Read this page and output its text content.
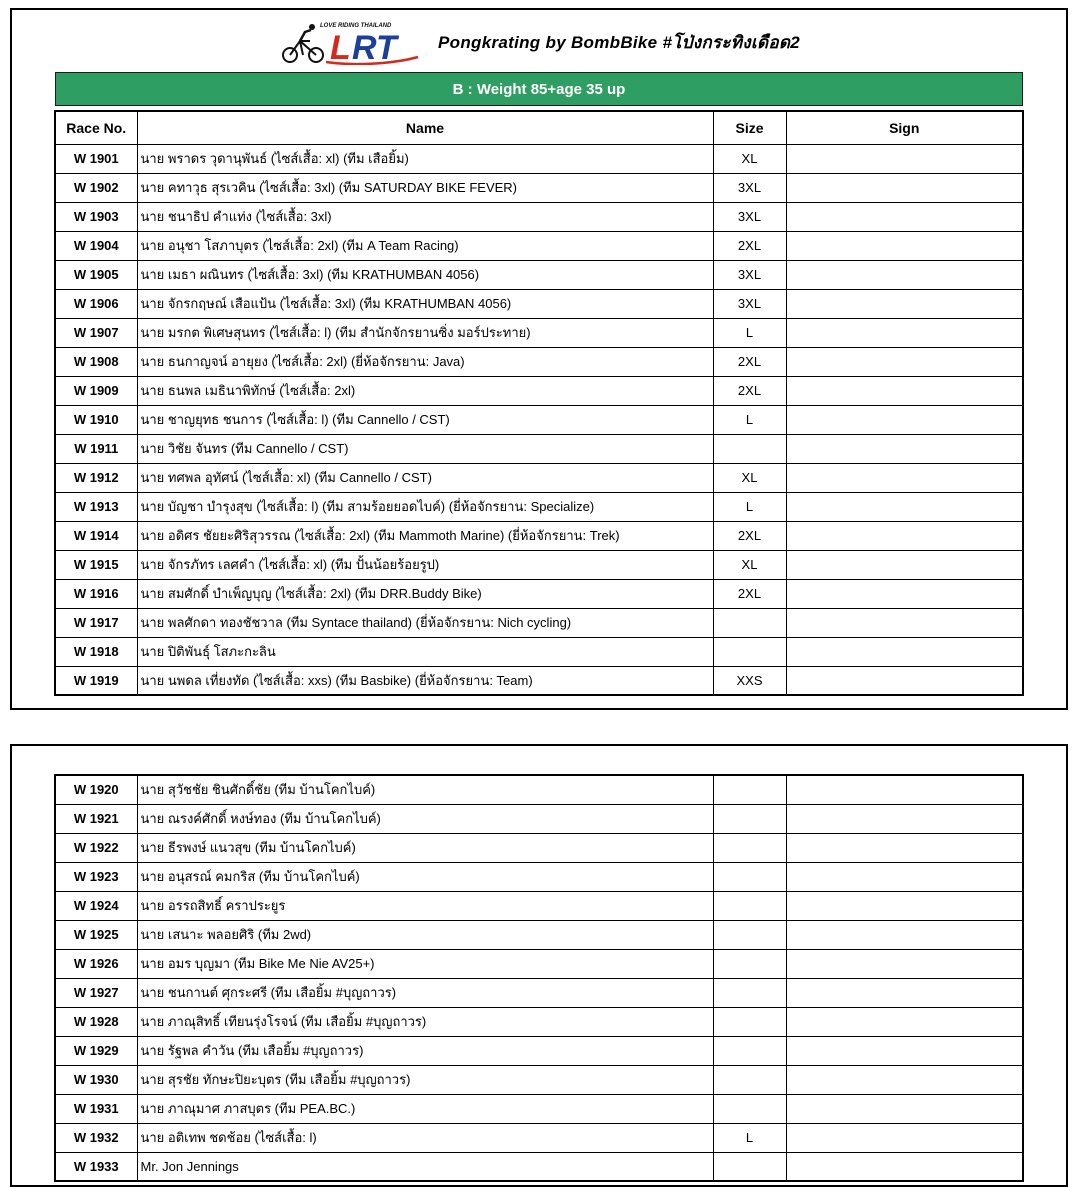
LOVE RIDING THAILAND
L RT Pongkrating by BombBike #โป่งกระทิงเดือด2
B : Weight 85+age 35 up
Race No.	Name	Size	Sign
W 1901	นาย พราดร วุดานุพันธ์ (ไซส์เสื้อ: xl) (ทีม เสือยิ้ม)	XL	
W 1902	นาย คทาวุธ สุรเวคิน (ไซส์เสื้อ: 3xl) (ทีม SATURDAY BIKE FEVER)	3XL	
W 1903	นาย ชนาธิป คำแท่ง (ไซส์เสื้อ: 3xl)	3XL	
W 1904	นาย อนุชา โสภาบุตร (ไซส์เสื้อ: 2xl) (ทีม A Team Racing)	2XL	
W 1905	นาย เมธา ผณินทร (ไซส์เสื้อ: 3xl) (ทีม KRATHUMBAN 4056)	3XL	
W 1906	นาย จักรกฤษณ์ เสือแป้น (ไซส์เสื้อ: 3xl) (ทีม KRATHUMBAN 4056)	3XL	
W 1907	นาย มรกต พิเศษสุนทร (ไซส์เสื้อ: l) (ทีม สำนักจักรยานซิ่ง มอร์ประทาย)	L	
W 1908	นาย ธนกาญจน์ อายุยง (ไซส์เสื้อ: 2xl) (ยี่ห้อจักรยาน: Java)	2XL	
W 1909	นาย ธนพล เมธินาพิทักษ์ (ไซส์เสื้อ: 2xl)	2XL	
W 1910	นาย ชาญยุทธ ชนการ (ไซส์เสื้อ: l) (ทีม Cannello / CST)	L	
W 1911	นาย วิชัย จันทร (ทีม Cannello / CST)		
W 1912	นาย ทศพล อุทัศน์ (ไซส์เสื้อ: xl) (ทีม Cannello / CST)	XL	
W 1913	นาย บัญชา บำรุงสุข (ไซส์เสื้อ: l) (ทีม สามร้อยยอดไบค์) (ยี่ห้อจักรยาน: Specialize)	L	
W 1914	นาย อดิศร ชัยยะศิริสุวรรณ (ไซส์เสื้อ: 2xl) (ทีม Mammoth Marine) (ยี่ห้อจักรยาน: Trek)	2XL	
W 1915	นาย จักรภัทร เลศคำ (ไซส์เสื้อ: xl) (ทีม ปั้นน้อยร้อยรูป)	XL	
W 1916	นาย สมศักดิ์ บำเพ็ญบุญ (ไซส์เสื้อ: 2xl) (ทีม DRR.Buddy Bike)	2XL	
W 1917	นาย พลศักดา ทองชัชวาล (ทีม Syntace thailand) (ยี่ห้อจักรยาน: Nich cycling)		
W 1918	นาย ปิติพันธุ์ โสภะกะลิน		
W 1919	นาย นพดล เที่ยงทัด (ไซส์เสื้อ: xxs) (ทีม Basbike) (ยี่ห้อจักรยาน: Team)	XXS	
W 1920	นาย สุวัชชัย ชินศักดิ์ชัย (ทีม บ้านโคกไบค์)		
W 1921	นาย ณรงค์ศักดิ์ หงษ์ทอง (ทีม บ้านโคกไบค์)		
W 1922	นาย ธีรพงษ์ แนวสุข (ทีม บ้านโคกไบค์)		
W 1923	นาย อนุสรณ์ คมกริส (ทีม บ้านโคกไบค์)		
W 1924	นาย อรรถสิทธิ์ คราประยูร		
W 1925	นาย เสนาะ พลอยศิริ (ทีม 2wd)		
W 1926	นาย อมร บุญมา (ทีม Bike Me Nie AV25+)		
W 1927	นาย ชนกานต์ ศุกระศรี (ทีม เสือยิ้ม #บุญถาวร)		
W 1928	นาย ภาณุสิทธิ์ เทียนรุ่งโรจน์ (ทีม เสือยิ้ม #บุญถาวร)		
W 1929	นาย รัฐพล คำวัน (ทีม เสือยิ้ม #บุญถาวร)		
W 1930	นาย สุรชัย ทักษะปิยะบุตร (ทีม เสือยิ้ม #บุญถาวร)		
W 1931	นาย ภาณุมาศ ภาสบุตร (ทีม PEA.BC.)		
W 1932	นาย อติเทพ ชดช้อย (ไซส์เสื้อ: l)	L	
W 1933	Mr. Jon Jennings		
